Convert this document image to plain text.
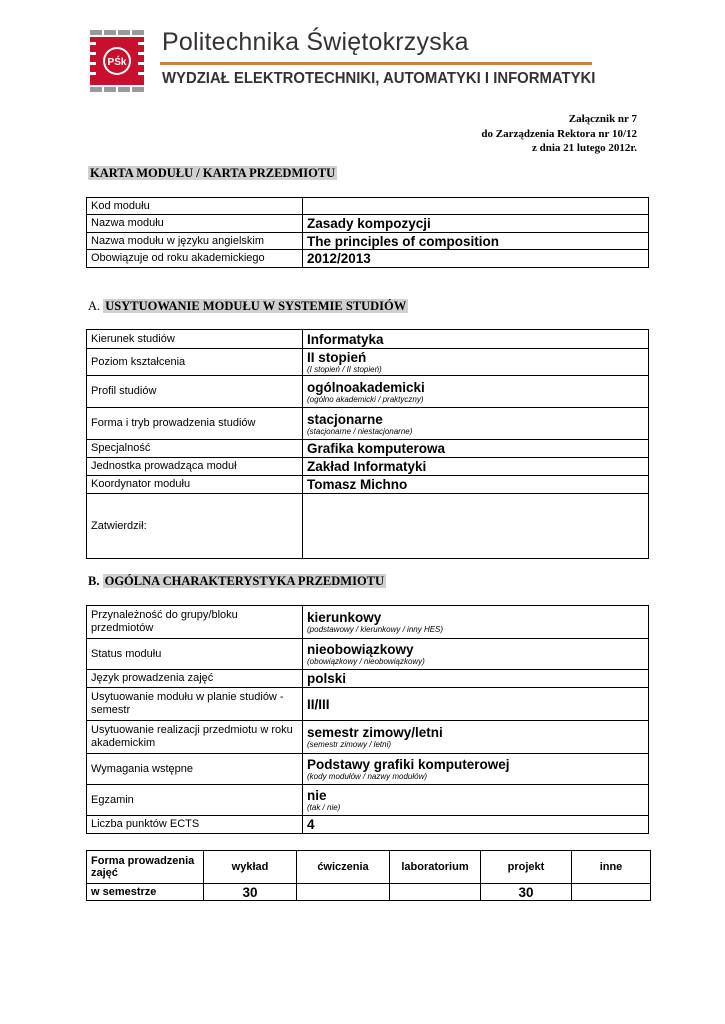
PŚk
Politechnika Świętokrzyska
WYDZIAŁ ELEKTROTECHNIKI, AUTOMATYKI I INFORMATYKI
Załącznik nr 7
do Zarządzenia Rektora nr 10/12
z dnia 21 lutego 2012r.
KARTA MODUŁU / KARTA PRZEDMIOTU
Kod modułu	
Nazwa modułu	Zasady kompozycji
Nazwa modułu w języku angielskim	The principles of composition
Obowiązuje od roku akademickiego	2012/2013
A. USYTUOWANIE MODUŁU W SYSTEMIE STUDIÓW
Kierunek studiów	Informatyka
Poziom kształcenia	II stopień
(I stopień / II stopień)

Profil studiów	ogólnoakademicki
(ogólno akademicki / praktyczny)

Forma i tryb prowadzenia studiów	stacjonarne
(stacjonarne / niestacjonarne)

Specjalność	Grafika komputerowa
Jednostka prowadząca moduł	Zakład Informatyki
Koordynator modułu	Tomasz Michno
Zatwierdził:	
B. OGÓLNA CHARAKTERYSTYKA PRZEDMIOTU
Przynależność do grupy/bloku przedmiotów	kierunkowy
(podstawowy / kierunkowy / inny HES)

Status modułu	nieobowiązkowy
(obowiązkowy / nieobowiązkowy)

Język prowadzenia zajęć	polski
Usytuowanie modułu w planie studiów - semestr	II/III
Usytuowanie realizacji przedmiotu w roku akademickim	semestr zimowy/letni
(semestr zimowy / letni)

Wymagania wstępne	Podstawy grafiki komputerowej
(kody modułów / nazwy modułów)

Egzamin	nie
(tak / nie)

Liczba punktów ECTS	4
Forma prowadzenia zajęć	wykład	ćwiczenia	laboratorium	projekt	inne
w semestrze	30			30	
